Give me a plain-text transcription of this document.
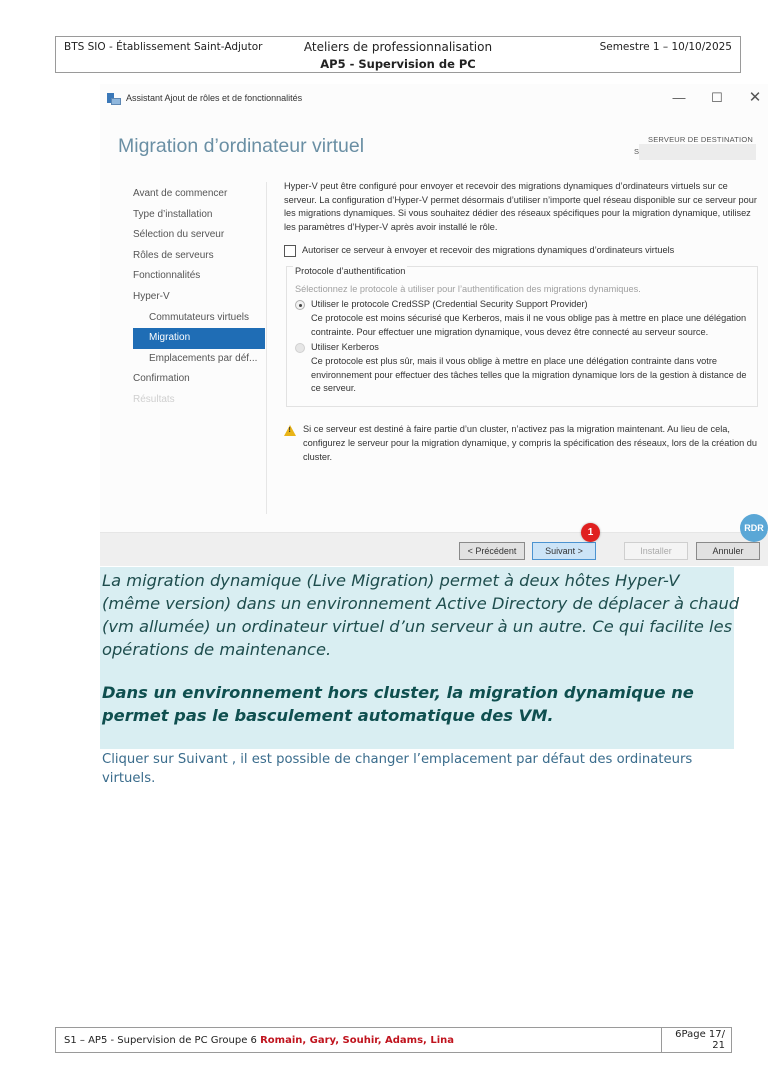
BTS SIO - Établissement Saint-Adjutor	Ateliers de professionnalisation	Semestre 1 – 10/10/2025
AP5 - Supervision de PC
Assistant Ajout de rôles et de fonctionnalités	— ☐ ✕
Migration d’ordinateur virtuel	SERVEUR DE DESTINATION
S
Avant de commencer
Type d’installation
Sélection du serveur
Rôles de serveurs
Fonctionnalités
Hyper-V
Commutateurs virtuels
Migration
Emplacements par déf...
Confirmation
Résultats
Hyper-V peut être configuré pour envoyer et recevoir des migrations dynamiques d’ordinateurs virtuels sur ce serveur. La configuration d’Hyper-V permet désormais d’utiliser n’importe quel réseau disponible sur ce serveur pour les migrations dynamiques. Si vous souhaitez dédier des réseaux spécifiques pour la migration dynamique, utilisez les paramètres d’Hyper-V après avoir installé le rôle.
Autoriser ce serveur à envoyer et recevoir des migrations dynamiques d’ordinateurs virtuels
Protocole d’authentification
Sélectionnez le protocole à utiliser pour l’authentification des migrations dynamiques.
Utiliser le protocole CredSSP (Credential Security Support Provider)
Ce protocole est moins sécurisé que Kerberos, mais il ne vous oblige pas à mettre en place une délégation contrainte. Pour effectuer une migration dynamique, vous devez être connecté au serveur source.
Utiliser Kerberos
Ce protocole est plus sûr, mais il vous oblige à mettre en place une délégation contrainte dans votre environnement pour effectuer des tâches telles que la migration dynamique lors de la gestion à distance de ce serveur.
! Si ce serveur est destiné à faire partie d’un cluster, n’activez pas la migration maintenant. Au lieu de cela, configurez le serveur pour la migration dynamique, y compris la spécification des réseaux, lors de la création du cluster.
RDR
< Précédent	Suivant >	Installer	Annuler
1
La migration dynamique (Live Migration) permet à deux hôtes Hyper-V (même version) dans un environnement Active Directory de déplacer à chaud (vm allumée) un ordinateur virtuel d’un serveur à un autre. Ce qui facilite les opérations de maintenance.
Dans un environnement hors cluster, la migration dynamique ne permet pas le basculement automatique des VM.
Cliquer sur Suivant , il est possible de changer l’emplacement par défaut des ordinateurs virtuels.
S1 – AP5 - Supervision de PC Groupe 6 Romain, Gary, Souhir, Adams, Lina
6Page 17/ 21
